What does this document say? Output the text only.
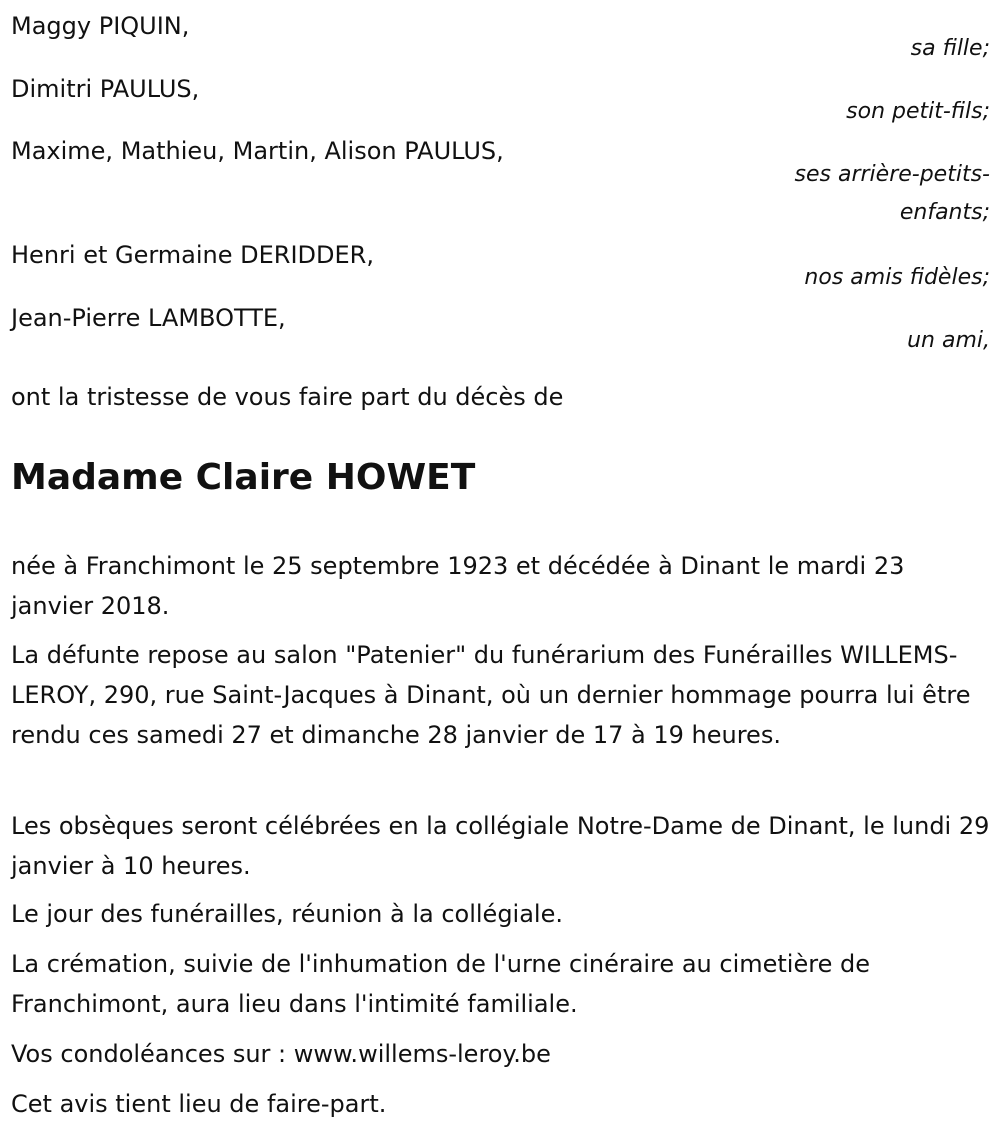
Maggy PIQUIN,
sa fille;
Dimitri PAULUS,
son petit-fils;
Maxime, Mathieu, Martin, Alison PAULUS,
ses arrière-petits-enfants;
Henri et Germaine DERIDDER,
nos amis fidèles;
Jean-Pierre LAMBOTTE,
un ami,
ont la tristesse de vous faire part du décès de
Madame Claire HOWET
née à Franchimont le 25 septembre 1923 et décédée à Dinant le mardi 23 janvier 2018.
La défunte repose au salon "Patenier" du funérarium des Funérailles WILLEMS-LEROY, 290, rue Saint-Jacques à Dinant, où un dernier hommage pourra lui être rendu ces samedi 27 et dimanche 28 janvier de 17 à 19 heures.
Les obsèques seront célébrées en la collégiale Notre-Dame de Dinant, le lundi 29 janvier à 10 heures.
Le jour des funérailles, réunion à la collégiale.
La crémation, suivie de l'inhumation de l'urne cinéraire au cimetière de Franchimont, aura lieu dans l'intimité familiale.
Vos condoléances sur : www.willems-leroy.be
Cet avis tient lieu de faire-part.
